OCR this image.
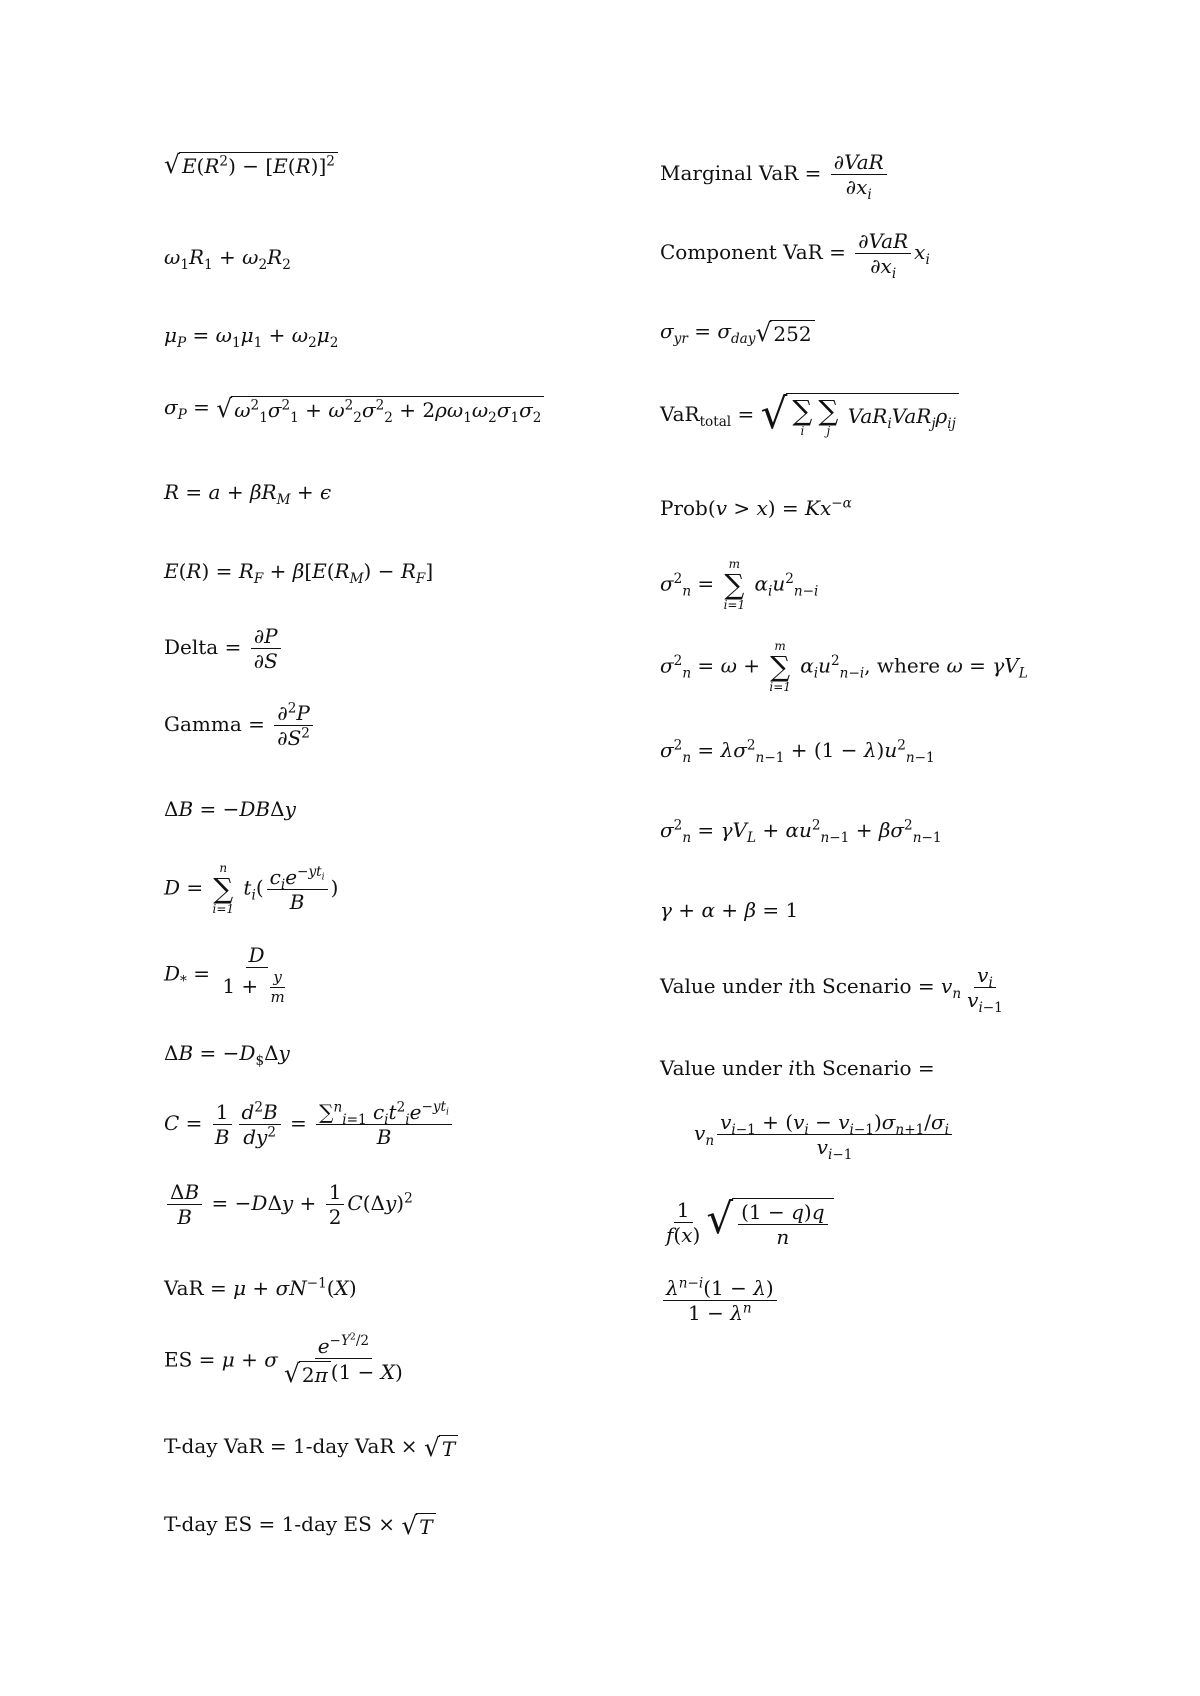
√ $E(R^2) - [E(R)]^2$
$\omega_1R_1 + \omega_2R_2$
$\mu_P = \omega_1\mu_1 + \omega_2\mu_2$
$\sigma_P$ = √ $\omega^2_1\sigma^2_1 + \omega^2_2\sigma^2_2 + 2\rho\omega_1\omega_2\sigma_1\sigma_2$
$R = a + \beta R_M + \epsilon$
$E(R) = R_F + \beta[E(R_M) - R_F]$
Delta = $\frac{\partial P}{\partial S}$
Gamma = $\frac{\partial^2P}{\partial S^2}$
ΔB = −DBΔy
D =
n
∑
i=1
$t_i( \frac{c_ie^{-yt_i}}{B}$ )
$D_* = \frac{D}{1 + \frac{y}{m}}$
$\Delta B = -D_{\$}\Delta y$
$C = \frac{1}{B} \frac{d^2B}{dy^2} = \frac{\sum^n_{i=1} c_it^2_ie^{-yt_i}}{B}$
$\frac{\Delta B}{B} = -D\Delta y + \frac{1}{2} C(\Delta y)^2$
VaR = $\mu + \sigma N^{-1}(X)$
ES = μ + σ $\frac{e^{-Y^2/2}}{√ 2\pi (1 - X)}$
T-day VaR = 1-day VaR × √ T
T-day ES = 1-day ES × √ T
Marginal VaR = $\frac{\text{∂VaR}}{\partial x_i}$
Component VaR = $\frac{\text{∂VaR}}{\partial x_i} x_i$
$\sigma_{yr} = \sigma_{day}$ √ 252
VaR$_{total}$ = √ ∑
i
∑
j
$VaR_iVaR_j\rho_{ij}$
Prob(v > $x) = Kx^{-\alpha}$
$\sigma^2_n$ =
m
∑
i=1
$\alpha_iu^2_{n-i}$
$\sigma^2_n = \omega$ +
m
∑
i=1
$\alpha_iu^2_{n-i}$, where $\omega = \gamma V_L$
$\sigma^2_n = \lambda\sigma^2_{n-1} + (1 - \lambda)u^2_{n-1}$
$\sigma^2_n = \gamma V_L + \alpha u^2_{n-1} + \beta\sigma^2_{n-1}$
γ + α + β = 1
Value under ith Scenario = $v_n \frac{v_i}{v_{i-1}}$
Value under ith Scenario =
$v_n \frac{v_{i-1} + (v_i - v_{i-1})\sigma_{n+1}/\sigma_i}{v_{i-1}}$
$\frac{1}{f(x)}$ √ $\frac{(1 - q)q}{n}$
$\frac{\lambda^{n-i}(1 - \lambda)}{1 - \lambda^n}$
